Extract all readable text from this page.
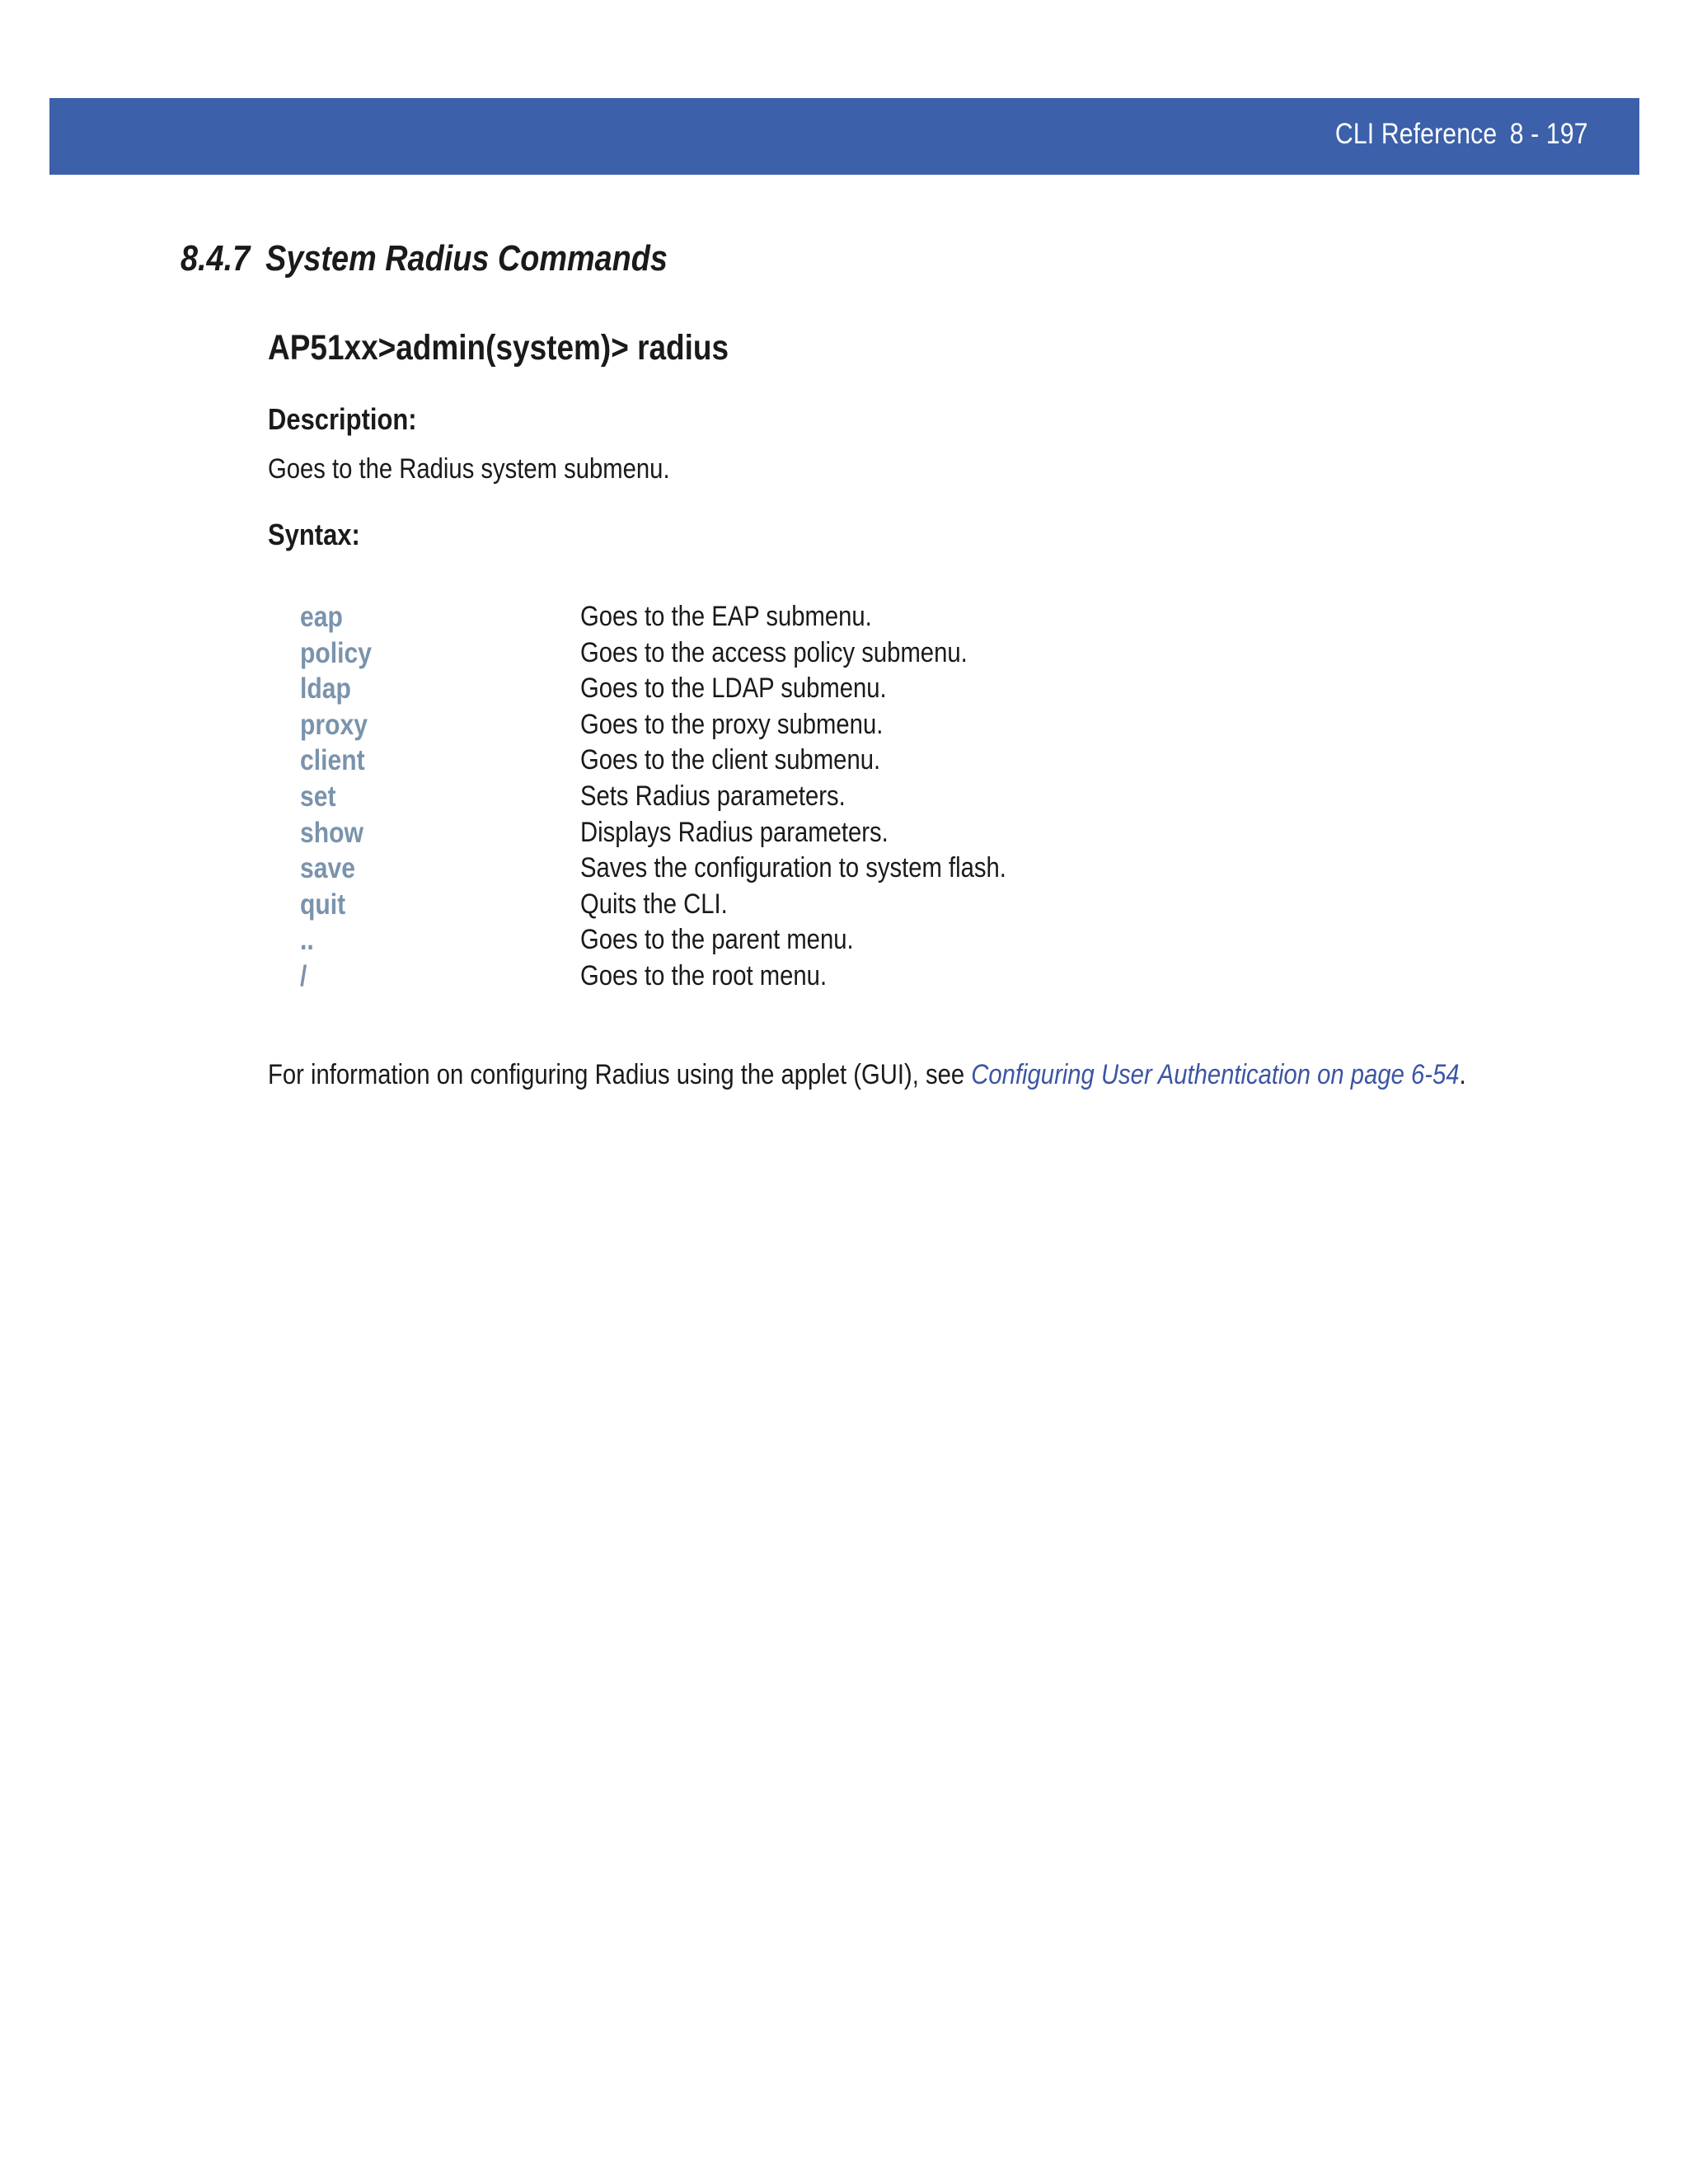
CLI Reference 8 - 197
8.4.7 System Radius Commands
AP51xx>admin(system)> radius
Description:
Goes to the Radius system submenu.
Syntax:
eap	Goes to the EAP submenu.
policy	Goes to the access policy submenu.
ldap	Goes to the LDAP submenu.
proxy	Goes to the proxy submenu.
client	Goes to the client submenu.
set	Sets Radius parameters.
show	Displays Radius parameters.
save	Saves the configuration to system flash.
quit	Quits the CLI.
..	Goes to the parent menu.
/	Goes to the root menu.
For information on configuring Radius using the applet (GUI), see Configuring User Authentication on page 6-54.
